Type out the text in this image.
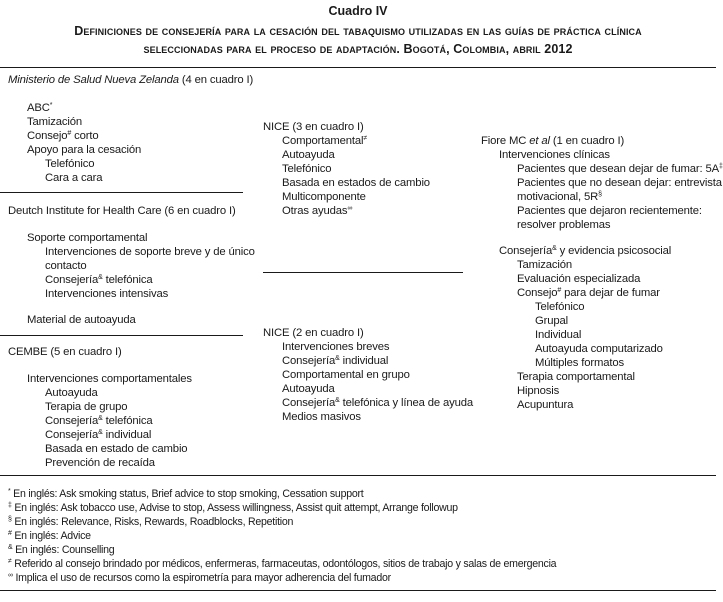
Cuadro IV
Definiciones de consejería para la cesación del tabaquismo utilizadas en las guías de práctica clínica
seleccionadas para el proceso de adaptación. Bogotá, Colombia, abril 2012
Ministerio de Salud Nueva Zelanda (4 en cuadro I)
ABC*
Tamización
Consejo# corto
Apoyo para la cesación
Telefónico
Cara a cara
Deutch Institute for Health Care (6 en cuadro I)
Soporte comportamental
Intervenciones de soporte breve y de único
contacto
Consejería& telefónica
Intervenciones intensivas
Material de autoayuda
CEMBE (5 en cuadro I)
Intervenciones comportamentales
Autoayuda
Terapia de grupo
Consejería& telefónica
Consejería& individual
Basada en estado de cambio
Prevención de recaída
NICE (3 en cuadro I)
Comportamental≠
Autoayuda
Telefónico
Basada en estados de cambio
Multicomponente
Otras ayudas∞
NICE (2 en cuadro I)
Intervenciones breves
Consejería& individual
Comportamental en grupo
Autoayuda
Consejería& telefónica y línea de ayuda
Medios masivos
Fiore MC et al (1 en cuadro I)
Intervenciones clínicas
Pacientes que desean dejar de fumar: 5A‡
Pacientes que no desean dejar: entrevista
motivacional, 5R§
Pacientes que dejaron recientemente:
resolver problemas
Consejería& y evidencia psicosocial
Tamización
Evaluación especializada
Consejo# para dejar de fumar
Telefónico
Grupal
Individual
Autoayuda computarizado
Múltiples formatos
Terapia comportamental
Hipnosis
Acupuntura
* En inglés: Ask smoking status, Brief advice to stop smoking, Cessation support
‡ En inglés: Ask tobacco use, Advise to stop, Assess willingness, Assist quit attempt, Arrange followup
§ En inglés: Relevance, Risks, Rewards, Roadblocks, Repetition
# En inglés: Advice
& En inglés: Counselling
≠ Referido al consejo brindado por médicos, enfermeras, farmaceutas, odontólogos, sitios de trabajo y salas de emergencia
∞ Implica el uso de recursos como la espirometría para mayor adherencia del fumador
